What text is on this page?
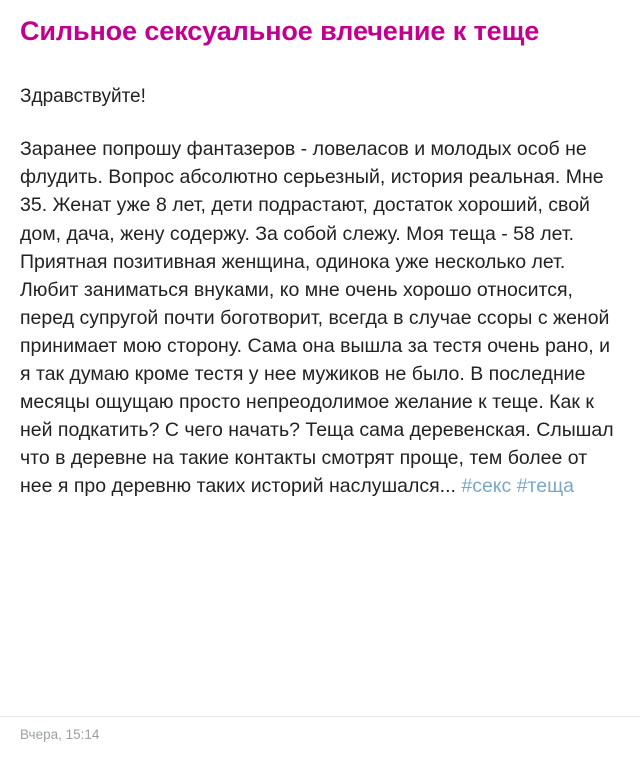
Сильное сексуальное влечение к теще

Здравствуйте!

Заранее попрошу фантазеров - ловеласов и молодых особ не флудить. Вопрос абсолютно серьезный, история реальная. Мне 35. Женат уже 8 лет, дети подрастают, достаток хороший, свой дом, дача, жену содержу. За собой слежу. Моя теща - 58 лет. Приятная позитивная женщина, одинока уже несколько лет. Любит заниматься внуками, ко мне очень хорошо относится, перед супругой почти боготворит, всегда в случае ссоры с женой принимает мою сторону. Сама она вышла за тестя очень рано, и я так думаю кроме тестя у нее мужиков не было. В последние месяцы ощущаю просто непреодолимое желание к теще. Как к ней подкатить? С чего начать? Теща сама деревенская. Слышал что в деревне на такие контакты смотрят проще, тем более от нее я про деревню таких историй наслушался... #секс #теща

Вчера, 15:14
